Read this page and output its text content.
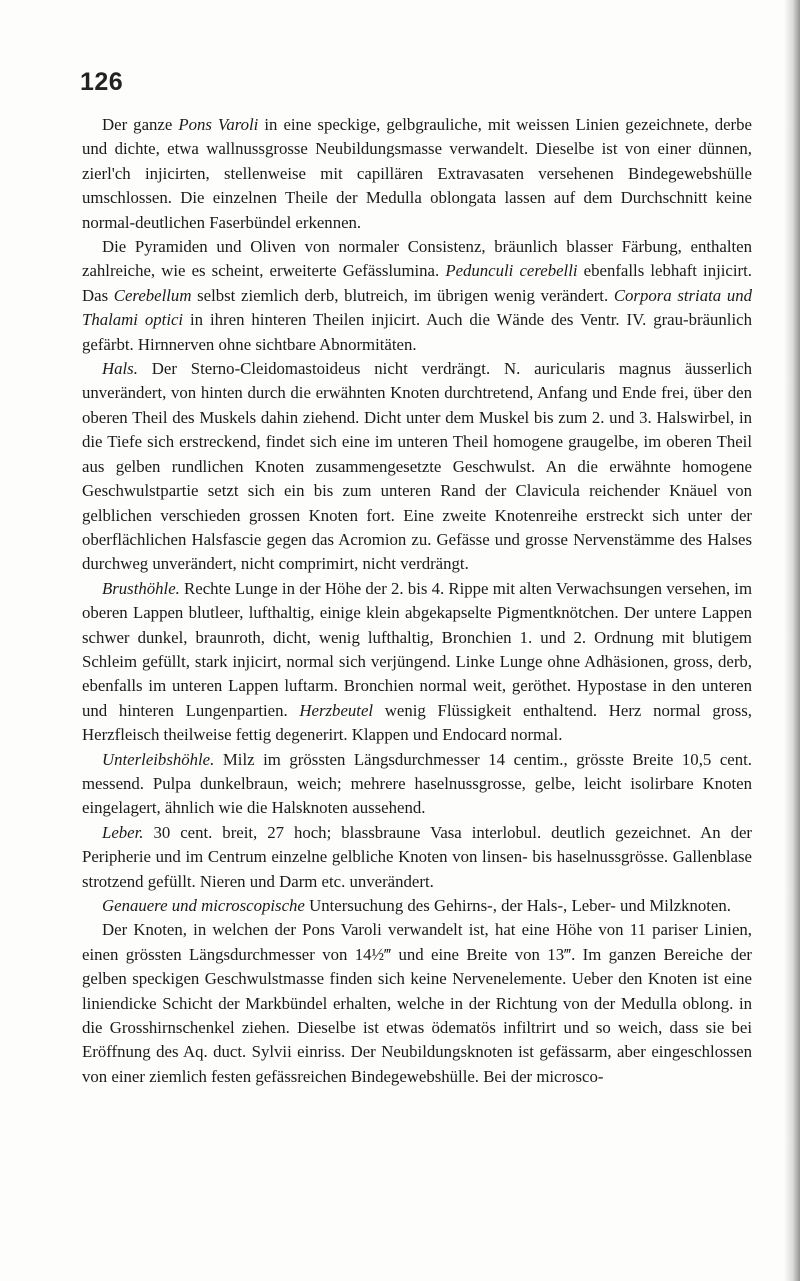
126

Der ganze Pons Varoli in eine speckige, gelbgrauliche, mit weissen Linien gezeichnete, derbe und dichte, etwa wallnussgrosse Neubildungsmasse verwandelt. Dieselbe ist von einer dünnen, zierl'ch injicirten, stellenweise mit capillären Extravasaten versehenen Bindegewebshülle umschlossen. Die einzelnen Theile der Medulla oblongata lassen auf dem Durchschnitt keine normal-deutlichen Faserbündel erkennen.

Die Pyramiden und Oliven von normaler Consistenz, bräunlich blasser Färbung, enthalten zahlreiche, wie es scheint, erweiterte Gefässlumina. Pedunculi cerebelli ebenfalls lebhaft injicirt. Das Cerebellum selbst ziemlich derb, blutreich, im übrigen wenig verändert. Corpora striata und Thalami optici in ihren hinteren Theilen injicirt. Auch die Wände des Ventr. IV. grau-bräunlich gefärbt. Hirnnerven ohne sichtbare Abnormitäten.

Hals. Der Sterno-Cleidomastoideus nicht verdrängt. N. auricularis magnus äusserlich unverändert, von hinten durch die erwähnten Knoten durchtretend, Anfang und Ende frei, über den oberen Theil des Muskels dahin ziehend. Dicht unter dem Muskel bis zum 2. und 3. Halswirbel, in die Tiefe sich erstreckend, findet sich eine im unteren Theil homogene graugelbe, im oberen Theil aus gelben rundlichen Knoten zusammengesetzte Geschwulst. An die erwähnte homogene Geschwulstpartie setzt sich ein bis zum unteren Rand der Clavicula reichender Knäuel von gelblichen verschieden grossen Knoten fort. Eine zweite Knotenreihe erstreckt sich unter der oberflächlichen Halsfascie gegen das Acromion zu. Gefässe und grosse Nervenstämme des Halses durchweg unverändert, nicht comprimirt, nicht verdrängt.

Brusthöhle. Rechte Lunge in der Höhe der 2. bis 4. Rippe mit alten Verwachsungen versehen, im oberen Lappen blutleer, lufthaltig, einige klein abgekapselte Pigmentknötchen. Der untere Lappen schwer dunkel, braunroth, dicht, wenig lufthaltig, Bronchien 1. und 2. Ordnung mit blutigem Schleim gefüllt, stark injicirt, normal sich verjüngend. Linke Lunge ohne Adhäsionen, gross, derb, ebenfalls im unteren Lappen luftarm. Bronchien normal weit, geröthet. Hypostase in den unteren und hinteren Lungenpartien. Herzbeutel wenig Flüssigkeit enthaltend. Herz normal gross, Herzfleisch theilweise fettig degenerirt. Klappen und Endocard normal.

Unterleibshöhle. Milz im grössten Längsdurchmesser 14 centim., grösste Breite 10,5 cent. messend. Pulpa dunkelbraun, weich; mehrere haselnussgrosse, gelbe, leicht isolirbare Knoten eingelagert, ähnlich wie die Halsknoten aussehend.

Leber. 30 cent. breit, 27 hoch; blassbraune Vasa interlobul. deutlich gezeichnet. An der Peripherie und im Centrum einzelne gelbliche Knoten von linsen- bis haselnussgrösse. Gallenblase strotzend gefüllt. Nieren und Darm etc. unverändert.

Genauere und microscopische Untersuchung des Gehirns-, der Hals-, Leber- und Milzknoten.

Der Knoten, in welchen der Pons Varoli verwandelt ist, hat eine Höhe von 11 pariser Linien, einen grössten Längsdurchmesser von 14½‴ und eine Breite von 13‴. Im ganzen Bereiche der gelben speckigen Geschwulstmasse finden sich keine Nervenelemente. Ueber den Knoten ist eine liniendicke Schicht der Markbündel erhalten, welche in der Richtung von der Medulla oblong. in die Grosshirnschenkel ziehen. Dieselbe ist etwas ödematös infiltrirt und so weich, dass sie bei Eröffnung des Aq. duct. Sylvii einriss. Der Neubildungsknoten ist gefässarm, aber eingeschlossen von einer ziemlich festen gefässreichen Bindegewebshülle. Bei der microsco-
